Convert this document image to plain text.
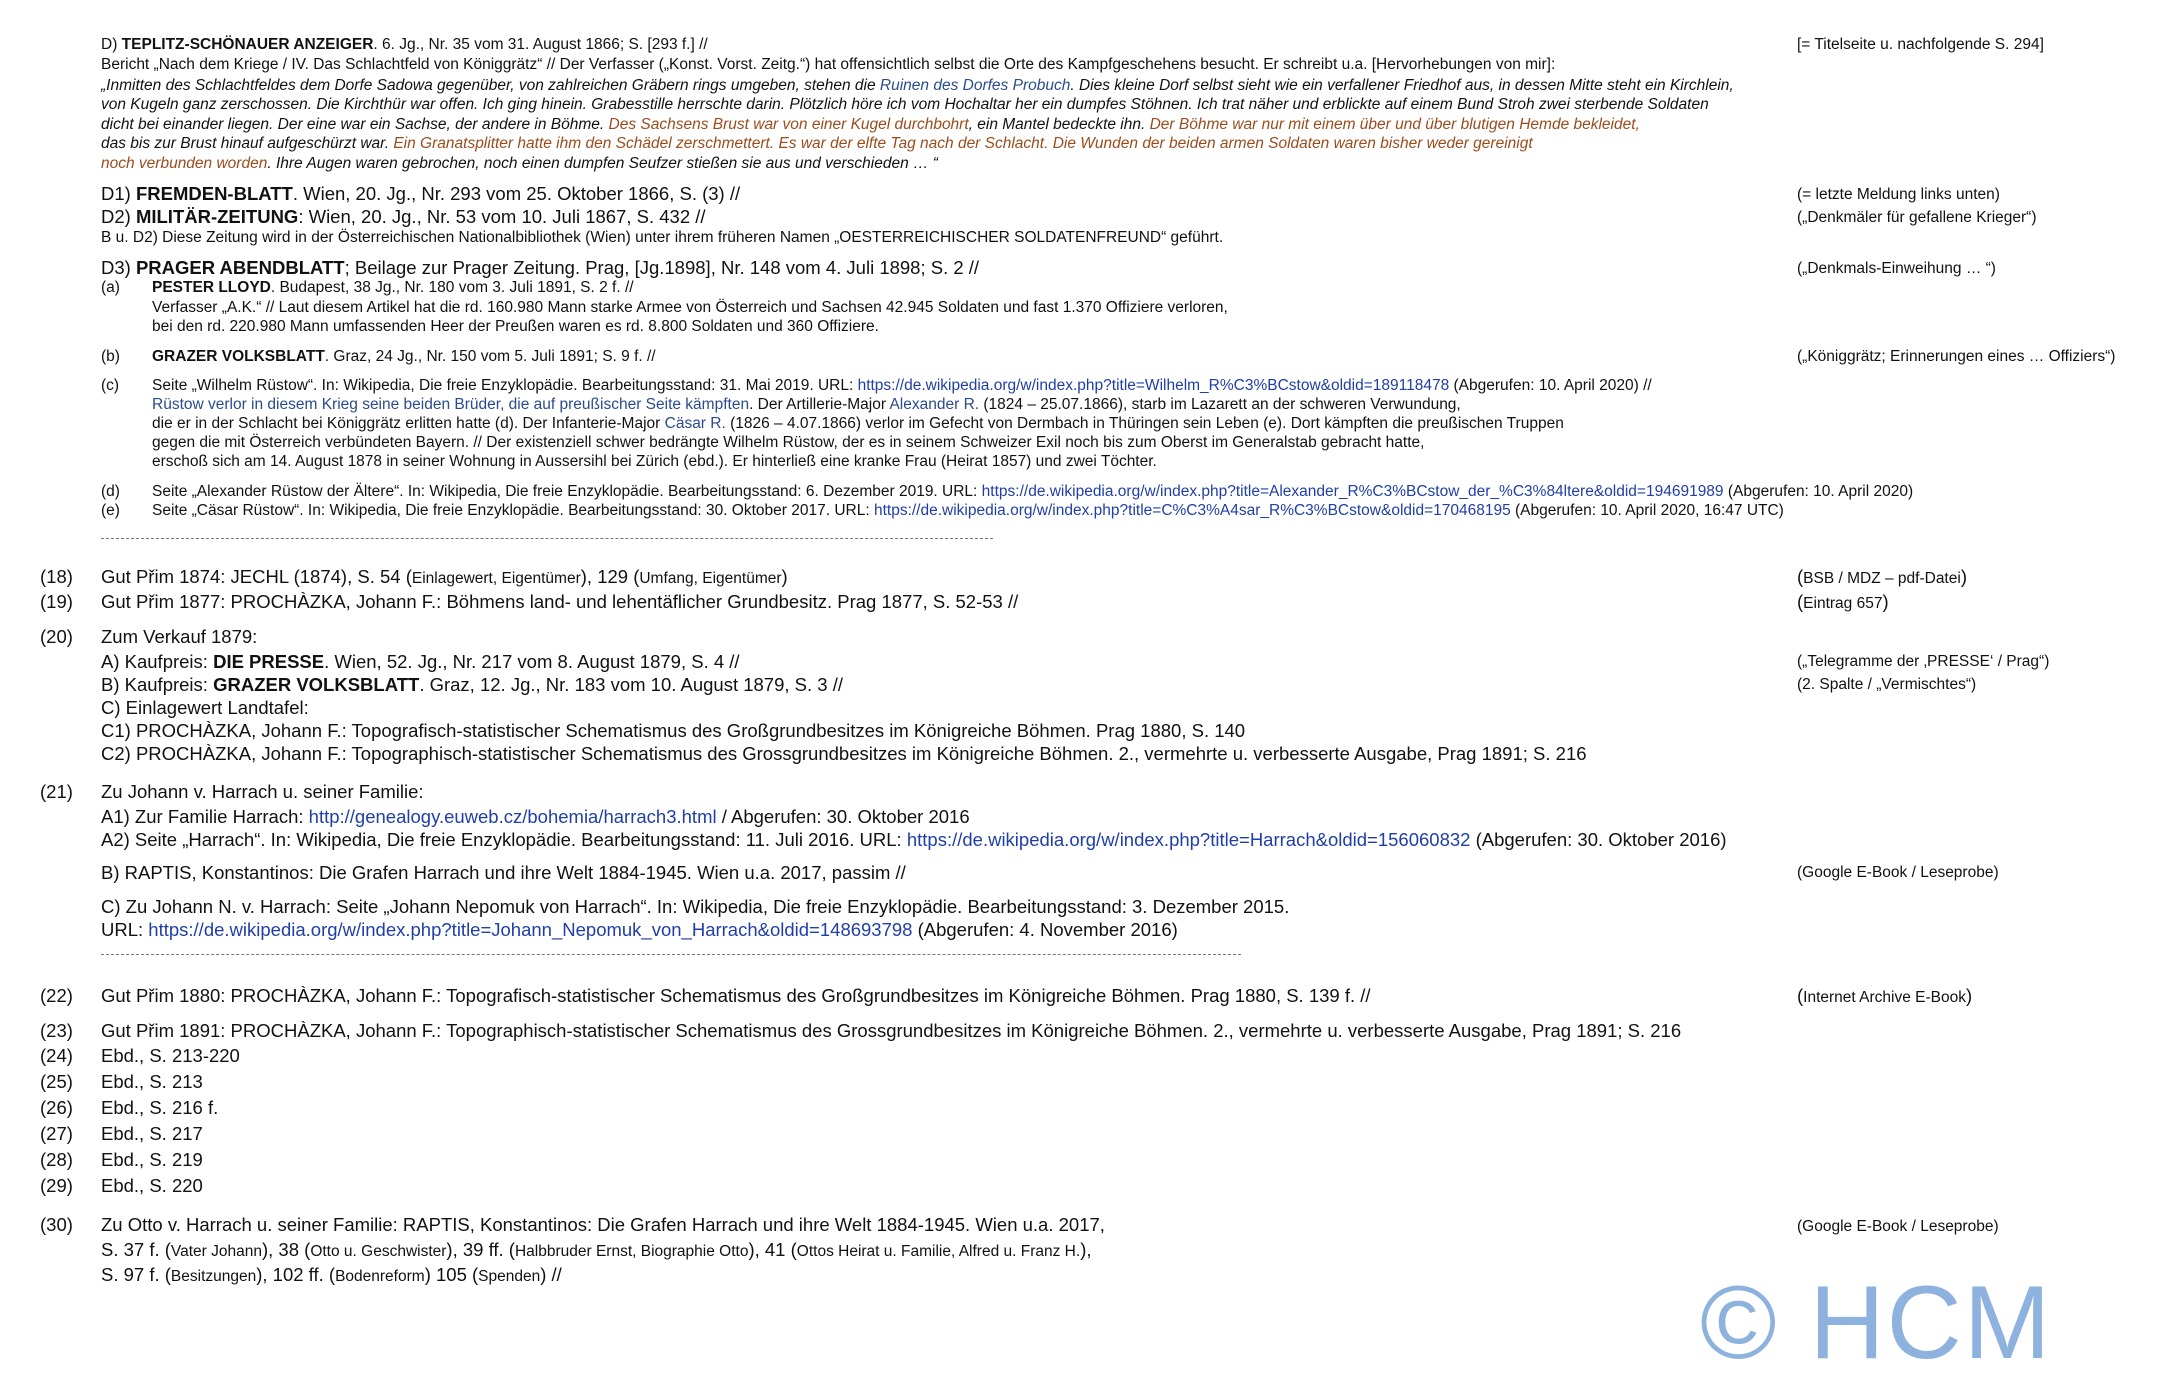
D) TEPLITZ-SCHÖNAUER ANZEIGER. 6. Jg., Nr. 35 vom 31. August 1866; S. [293 f.] //	[= Titelseite u. nachfolgende S. 294]
Bericht „Nach dem Kriege / IV. Das Schlachtfeld von Königgrätz“ // Der Verfasser („Konst. Vorst. Zeitg.“) hat offensichtlich selbst die Orte des Kampfgeschehens besucht. Er schreibt u.a. [Hervorhebungen von mir]:
„Inmitten des Schlachtfeldes dem Dorfe Sadowa gegenüber, von zahlreichen Gräbern rings umgeben, stehen die Ruinen des Dorfes Probuch. Dies kleine Dorf selbst sieht wie ein verfallener Friedhof aus, in dessen Mitte steht ein Kirchlein,
von Kugeln ganz zerschossen. Die Kirchthür war offen. Ich ging hinein. Grabesstille herrschte darin. Plötzlich höre ich vom Hochaltar her ein dumpfes Stöhnen. Ich trat näher und erblickte auf einem Bund Stroh zwei sterbende Soldaten
dicht bei einander liegen. Der eine war ein Sachse, der andere in Böhme. Des Sachsens Brust war von einer Kugel durchbohrt, ein Mantel bedeckte ihn. Der Böhme war nur mit einem über und über blutigen Hemde bekleidet,
das bis zur Brust hinauf aufgeschürzt war. Ein Granatsplitter hatte ihm den Schädel zerschmettert. Es war der elfte Tag nach der Schlacht. Die Wunden der beiden armen Soldaten waren bisher weder gereinigt
noch verbunden worden. Ihre Augen waren gebrochen, noch einen dumpfen Seufzer stießen sie aus und verschieden … “
D1) FREMDEN-BLATT. Wien, 20. Jg., Nr. 293 vom 25. Oktober 1866, S. (3) //	(= letzte Meldung links unten)
D2) MILITÄR-ZEITUNG: Wien, 20. Jg., Nr. 53 vom 10. Juli 1867, S. 432 //	(„Denkmäler für gefallene Krieger“)
B u. D2) Diese Zeitung wird in der Österreichischen Nationalbibliothek (Wien) unter ihrem früheren Namen „OESTERREICHISCHER SOLDATENFREUND“ geführt.
D3) PRAGER ABENDBLATT; Beilage zur Prager Zeitung. Prag, [Jg.1898], Nr. 148 vom 4. Juli 1898; S. 2 //	(„Denkmals-Einweihung … “)
(a) PESTER LLOYD. Budapest, 38 Jg., Nr. 180 vom 3. Juli 1891, S. 2 f. //
Verfasser „A.K.“ // Laut diesem Artikel hat die rd. 160.980 Mann starke Armee von Österreich und Sachsen 42.945 Soldaten und fast 1.370 Offiziere verloren,
bei den rd. 220.980 Mann umfassenden Heer der Preußen waren es rd. 8.800 Soldaten und 360 Offiziere.
(b) GRAZER VOLKSBLATT. Graz, 24 Jg., Nr. 150 vom 5. Juli 1891; S. 9 f. //	(„Königgrätz; Erinnerungen eines … Offiziers“)
(c) Seite „Wilhelm Rüstow“. In: Wikipedia, Die freie Enzyklopädie. Bearbeitungsstand: 31. Mai 2019. URL: https://de.wikipedia.org/w/index.php?title=Wilhelm_R%C3%BCstow&oldid=189118478 (Abgerufen: 10. April 2020) //
Rüstow verlor in diesem Krieg seine beiden Brüder, die auf preußischer Seite kämpften. Der Artillerie-Major Alexander R. (1824 – 25.07.1866), starb im Lazarett an der schweren Verwundung,
die er in der Schlacht bei Königgrätz erlitten hatte (d). Der Infanterie-Major Cäsar R. (1826 – 4.07.1866) verlor im Gefecht von Dermbach in Thüringen sein Leben (e). Dort kämpften die preußischen Truppen
gegen die mit Österreich verbündeten Bayern. // Der existenziell schwer bedrängte Wilhelm Rüstow, der es in seinem Schweizer Exil noch bis zum Oberst im Generalstab gebracht hatte,
erschoß sich am 14. August 1878 in seiner Wohnung in Aussersihl bei Zürich (ebd.). Er hinterließ eine kranke Frau (Heirat 1857) und zwei Töchter.
(d) Seite „Alexander Rüstow der Ältere“. In: Wikipedia, Die freie Enzyklopädie. Bearbeitungsstand: 6. Dezember 2019. URL: https://de.wikipedia.org/w/index.php?title=Alexander_R%C3%BCstow_der_%C3%84ltere&oldid=194691989 (Abgerufen: 10. April 2020)
(e) Seite „Cäsar Rüstow“. In: Wikipedia, Die freie Enzyklopädie. Bearbeitungsstand: 30. Oktober 2017. URL: https://de.wikipedia.org/w/index.php?title=C%C3%A4sar_R%C3%BCstow&oldid=170468195 (Abgerufen: 10. April 2020, 16:47 UTC)
(18) Gut Přim 1874: JECHL (1874), S. 54 (Einlagewert, Eigentümer), 129 (Umfang, Eigentümer)	(BSB / MDZ – pdf-Datei)
(19) Gut Přim 1877: PROCHÀZKA, Johann F.: Böhmens land- und lehentäflicher Grundbesitz. Prag 1877, S. 52-53 //	(Eintrag 657)
(20) Zum Verkauf 1879:
A) Kaufpreis: DIE PRESSE. Wien, 52. Jg., Nr. 217 vom 8. August 1879, S. 4 //	(„Telegramme der ‚PRESSE‘ / Prag“)
B) Kaufpreis: GRAZER VOLKSBLATT. Graz, 12. Jg., Nr. 183 vom 10. August 1879, S. 3 //	(2. Spalte / „Vermischtes“)
C) Einlagewert Landtafel:
C1) PROCHÀZKA, Johann F.: Topografisch-statistischer Schematismus des Großgrundbesitzes im Königreiche Böhmen. Prag 1880, S. 140
C2) PROCHÀZKA, Johann F.: Topographisch-statistischer Schematismus des Grossgrundbesitzes im Königreiche Böhmen. 2., vermehrte u. verbesserte Ausgabe, Prag 1891; S. 216
(21) Zu Johann v. Harrach u. seiner Familie:
A1) Zur Familie Harrach: http://genealogy.euweb.cz/bohemia/harrach3.html / Abgerufen: 30. Oktober 2016
A2) Seite „Harrach“. In: Wikipedia, Die freie Enzyklopädie. Bearbeitungsstand: 11. Juli 2016. URL: https://de.wikipedia.org/w/index.php?title=Harrach&oldid=156060832 (Abgerufen: 30. Oktober 2016)
B) RAPTIS, Konstantinos: Die Grafen Harrach und ihre Welt 1884-1945. Wien u.a. 2017, passim //	(Google E-Book / Leseprobe)
C) Zu Johann N. v. Harrach: Seite „Johann Nepomuk von Harrach“. In: Wikipedia, Die freie Enzyklopädie. Bearbeitungsstand: 3. Dezember 2015.
URL: https://de.wikipedia.org/w/index.php?title=Johann_Nepomuk_von_Harrach&oldid=148693798 (Abgerufen: 4. November 2016)
(22) Gut Přim 1880: PROCHÀZKA, Johann F.: Topografisch-statistischer Schematismus des Großgrundbesitzes im Königreiche Böhmen. Prag 1880, S. 139 f. //	(Internet Archive E-Book)
(23) Gut Přim 1891: PROCHÀZKA, Johann F.: Topographisch-statistischer Schematismus des Grossgrundbesitzes im Königreiche Böhmen. 2., vermehrte u. verbesserte Ausgabe, Prag 1891; S. 216
(24) Ebd., S. 213-220
(25) Ebd., S. 213
(26) Ebd., S. 216 f.
(27) Ebd., S. 217
(28) Ebd., S. 219
(29) Ebd., S. 220
(30) Zu Otto v. Harrach u. seiner Familie: RAPTIS, Konstantinos: Die Grafen Harrach und ihre Welt 1884-1945. Wien u.a. 2017,	(Google E-Book / Leseprobe)
S. 37 f. (Vater Johann), 38 (Otto u. Geschwister), 39 ff. (Halbbruder Ernst, Biographie Otto), 41 (Ottos Heirat u. Familie, Alfred u. Franz H.),
S. 97 f. (Besitzungen), 102 ff. (Bodenreform) 105 (Spenden) //	© HCM
